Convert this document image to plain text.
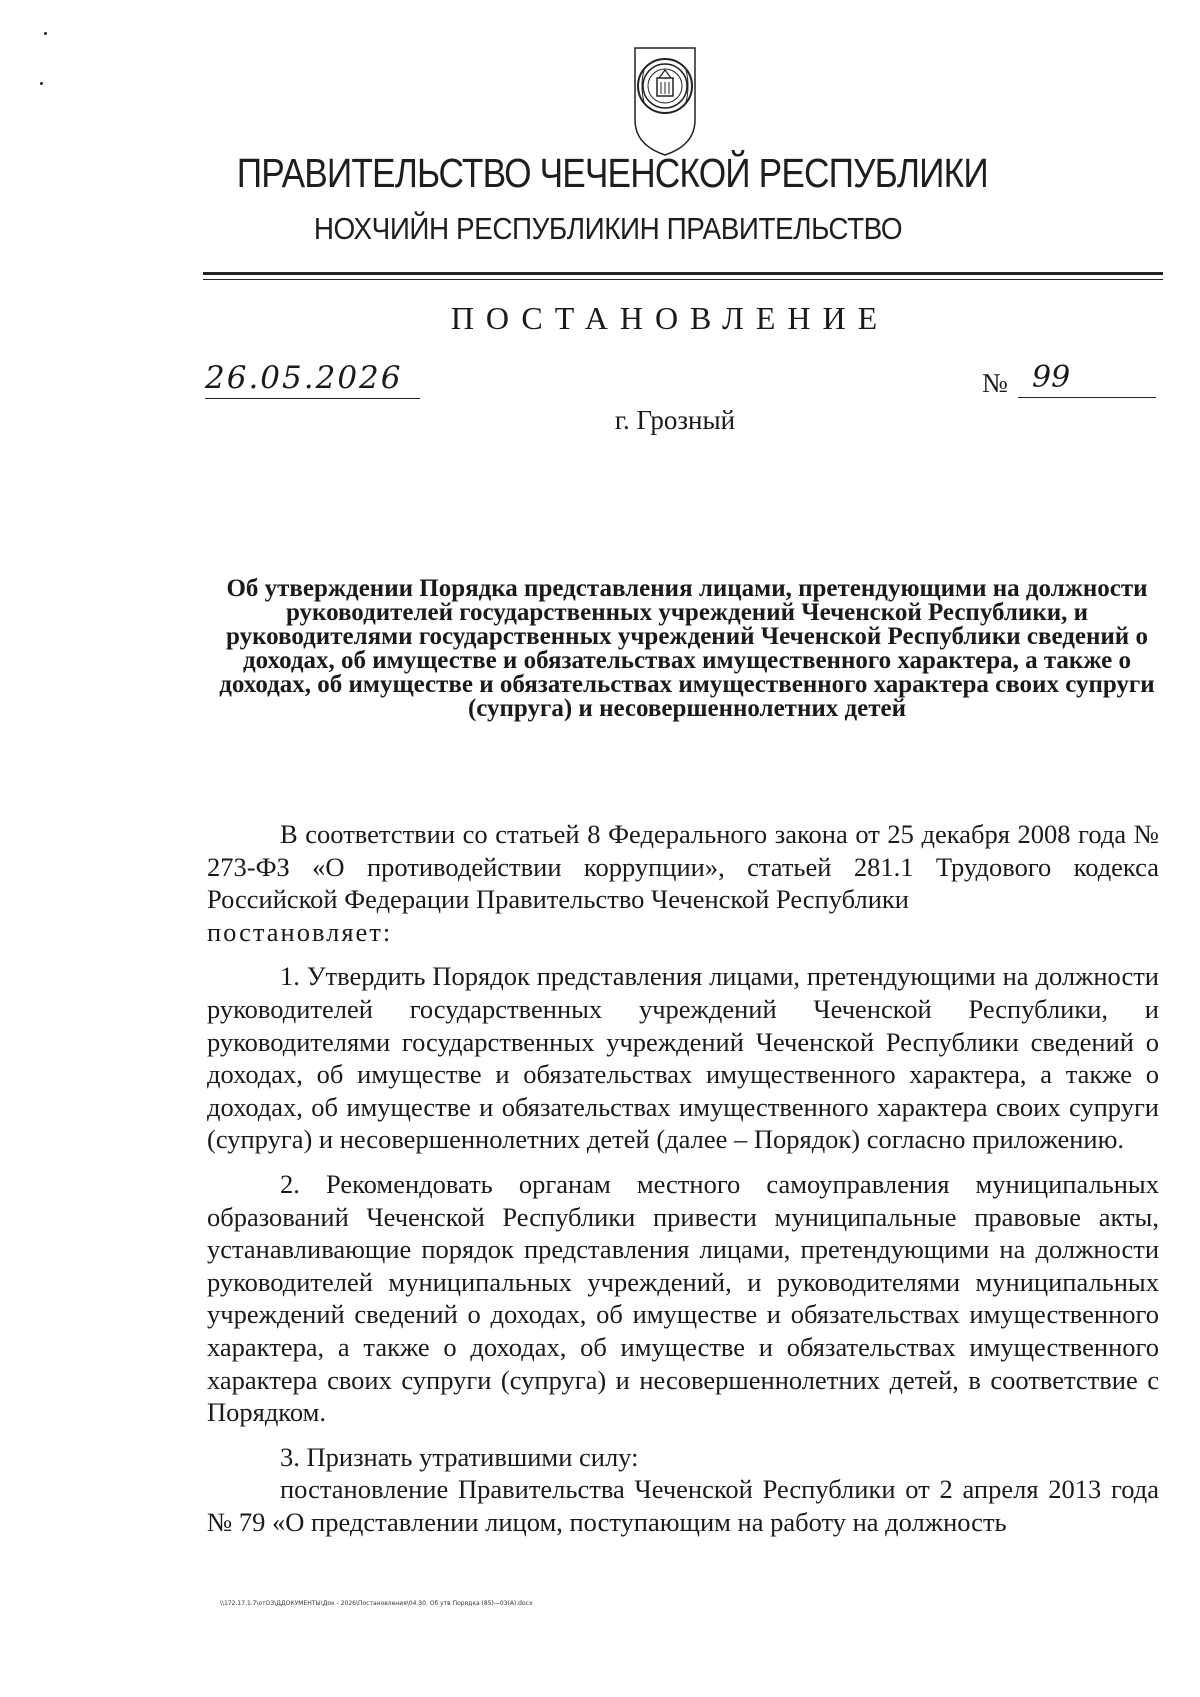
ПРАВИТЕЛЬСТВО ЧЕЧЕНСКОЙ РЕСПУБЛИКИ
НОХЧИЙН РЕСПУБЛИКИН ПРАВИТЕЛЬСТВО
ПОСТАНОВЛЕНИЕ
26.05.2026	№ 99
г. Грозный
Об утверждении Порядка представления лицами, претендующими на должности руководителей государственных учреждений Чеченской Республики, и руководителями государственных учреждений Чеченской Республики сведений о доходах, об имуществе и обязательствах имущественного характера, а также о доходах, об имуществе и обязательствах имущественного характера своих супруги (супруга) и несовершеннолетних детей

В соответствии со статьей 8 Федерального закона от 25 декабря 2008 года № 273-ФЗ «О противодействии коррупции», статьей 281.1 Трудового кодекса Российской Федерации Правительство Чеченской Республики

постановляет:

1. Утвердить Порядок представления лицами, претендующими на должности руководителей государственных учреждений Чеченской Республики, и руководителями государственных учреждений Чеченской Республики сведений о доходах, об имуществе и обязательствах имущественного характера, а также о доходах, об имуществе и обязательствах имущественного характера своих супруги (супруга) и несовершеннолетних детей (далее – Порядок) согласно приложению.

2. Рекомендовать органам местного самоуправления муниципальных образований Чеченской Республики привести муниципальные правовые акты, устанавливающие порядок представления лицами, претендующими на должности руководителей муниципальных учреждений, и руководителями муниципальных учреждений сведений о доходах, об имуществе и обязательствах имущественного характера, а также о доходах, об имуществе и обязательствах имущественного характера своих супруги (супруга) и несовершеннолетних детей, в соответствие с Порядком.

3. Признать утратившими силу:

постановление Правительства Чеченской Республики от 2 апреля 2013 года № 79 «О представлении лицом, поступающим на работу на должность

\\172.17.1.7\отОЗ\ДДОКУМЕНТЫ\Док - 2026\Постановления\04.30. Об утв Порядка (85)—03(А).docx
